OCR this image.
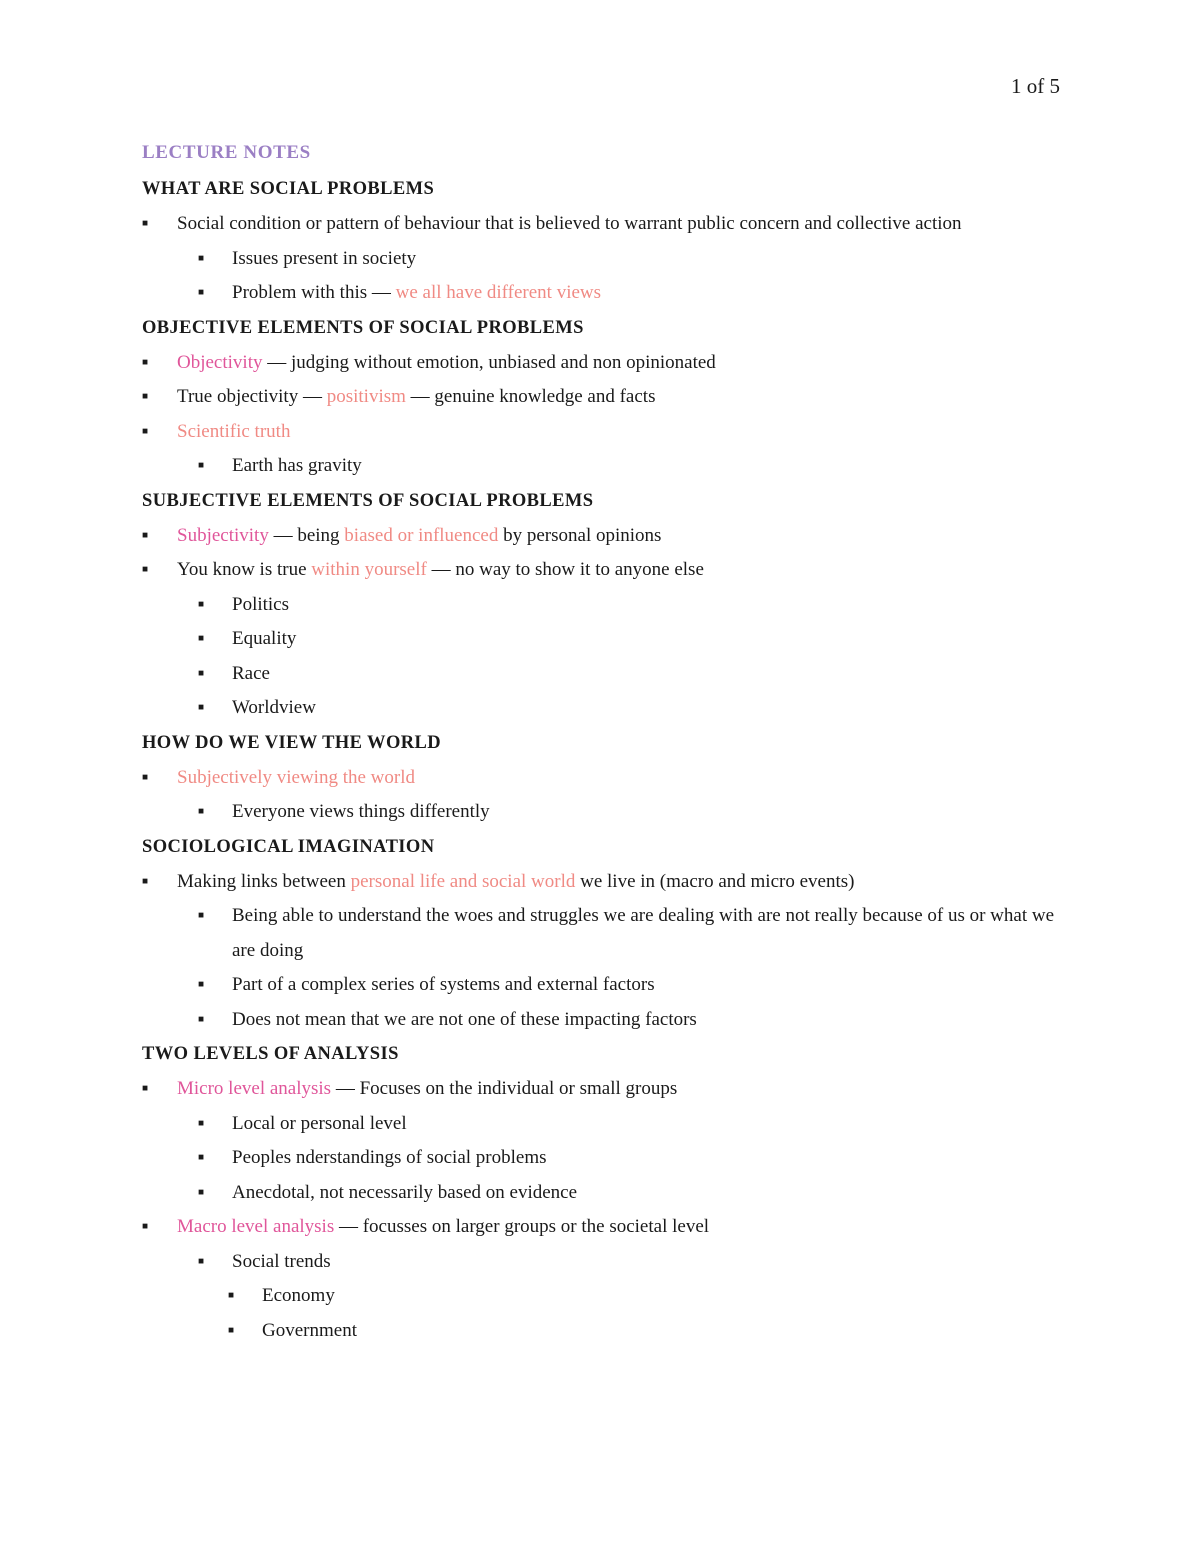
1 of 5
LECTURE NOTES
WHAT ARE SOCIAL PROBLEMS
■ Social condition or pattern of behaviour that is believed to warrant public concern and collective action
■ Issues present in society
■ Problem with this — we all have different views
OBJECTIVE ELEMENTS OF SOCIAL PROBLEMS
■ Objectivity — judging without emotion, unbiased and non opinionated
■ True objectivity — positivism — genuine knowledge and facts
■ Scientific truth
■ Earth has gravity
SUBJECTIVE ELEMENTS OF SOCIAL PROBLEMS
■ Subjectivity — being biased or influenced by personal opinions
■ You know is true within yourself — no way to show it to anyone else
■ Politics
■ Equality
■ Race
■ Worldview
HOW DO WE VIEW THE WORLD
■ Subjectively viewing the world
■ Everyone views things differently
SOCIOLOGICAL IMAGINATION
■ Making links between personal life and social world we live in (macro and micro events)
■ Being able to understand the woes and struggles we are dealing with are not really because of us or what we are doing
■ Part of a complex series of systems and external factors
■ Does not mean that we are not one of these impacting factors
TWO LEVELS OF ANALYSIS
■ Micro level analysis — Focuses on the individual or small groups
■ Local or personal level
■ Peoples nderstandings of social problems
■ Anecdotal, not necessarily based on evidence
■ Macro level analysis — focusses on larger groups or the societal level
■ Social trends
■ Economy
■ Government
